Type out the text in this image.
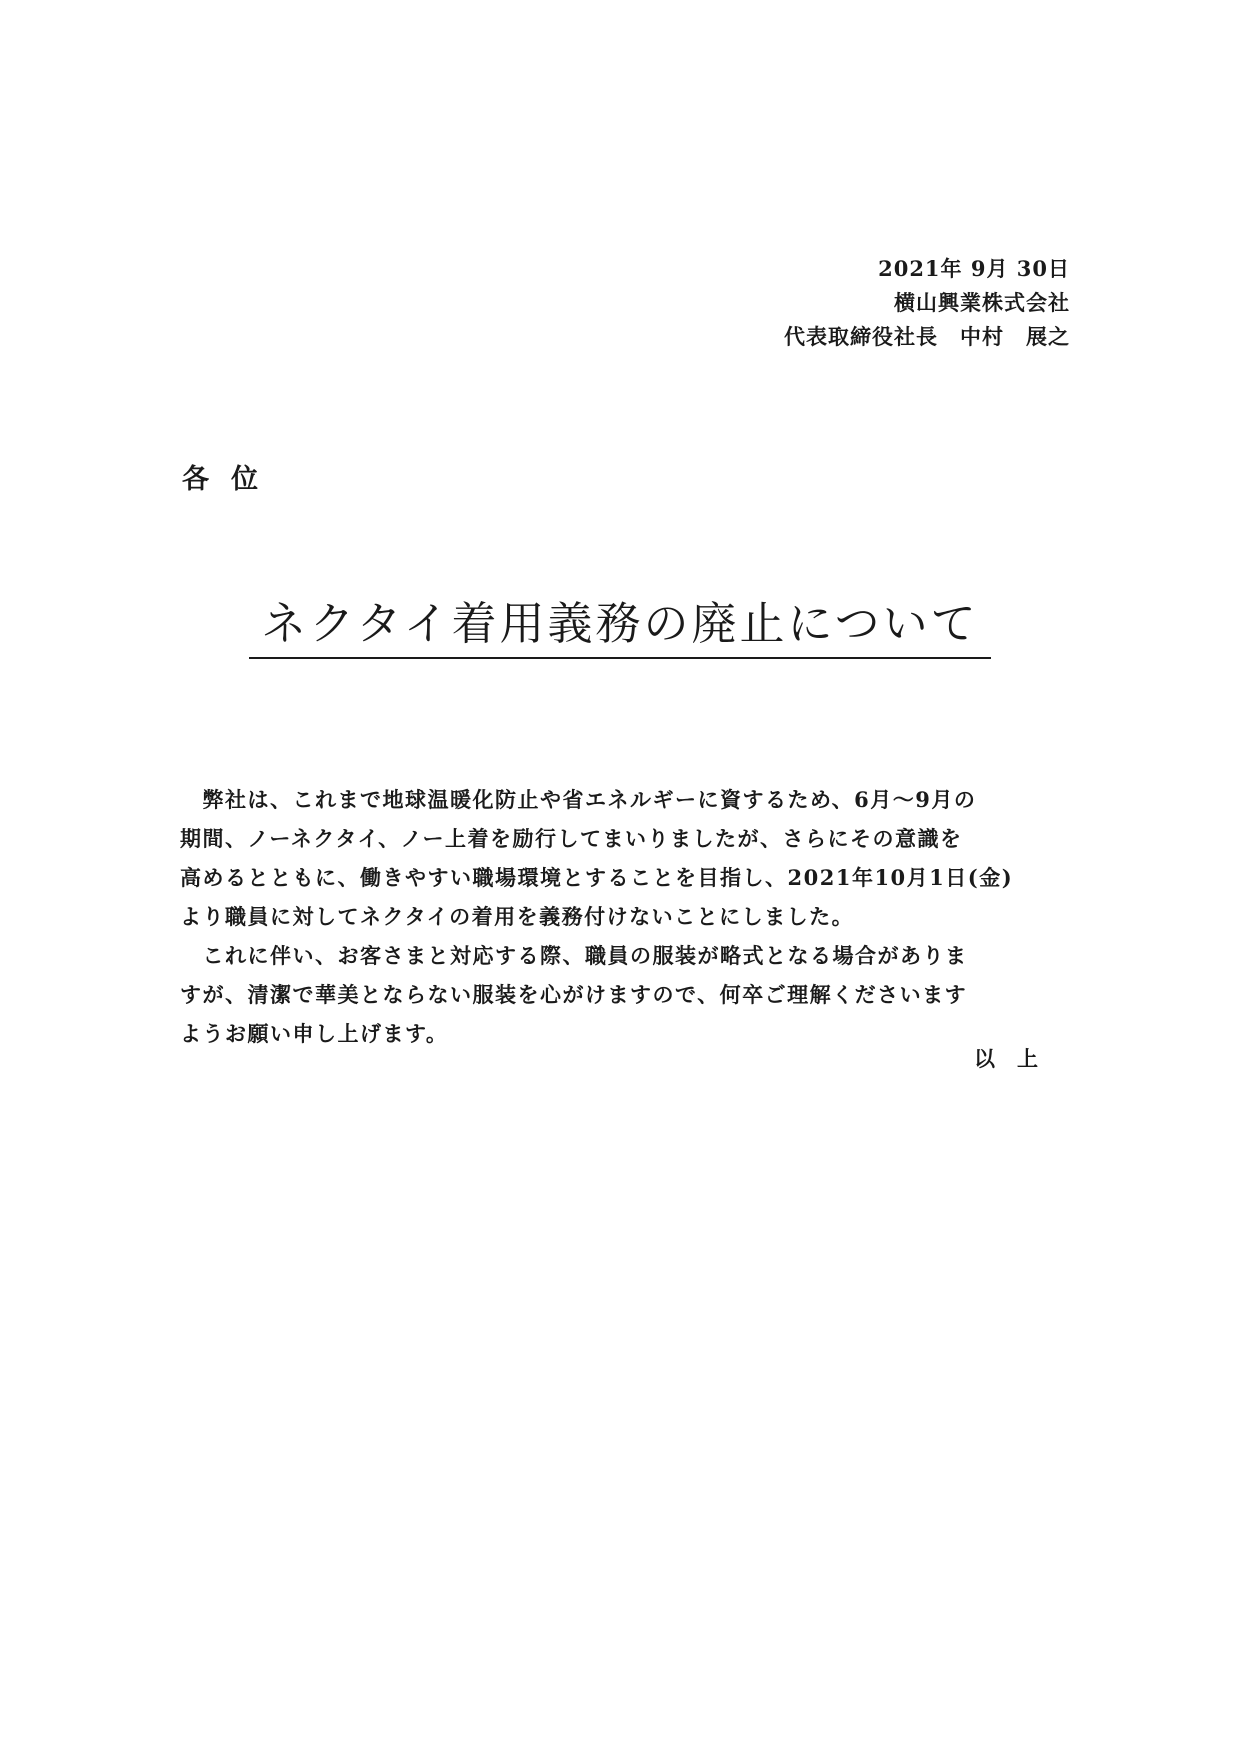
2021年 9月 30日
横山興業株式会社
代表取締役社長　中村　展之
各位
ネクタイ着用義務の廃止について

　弊社は、これまで地球温暖化防止や省エネルギーに資するため、6月～9月の
期間、ノーネクタイ、ノー上着を励行してまいりましたが、さらにその意識を
高めるとともに、働きやすい職場環境とすることを目指し、2021年10月1日(金)
より職員に対してネクタイの着用を義務付けないことにしました。

　これに伴い、お客さまと対応する際、職員の服装が略式となる場合がありま
すが、清潔で華美とならない服装を心がけますので、何卒ご理解くださいます
ようお願い申し上げます。

以上
